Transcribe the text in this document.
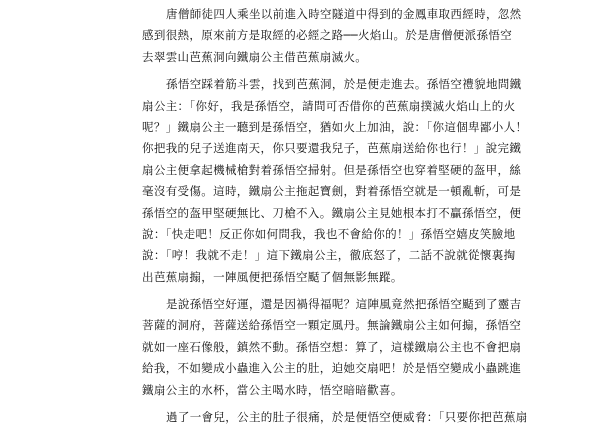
唐僧師徒四人乘坐以前進入時空隧道中得到的金鳳車取西經時，忽然
感到很熱，原來前方是取經的必經之路──火焰山。於是唐僧便派孫悟空
去翠雲山芭蕉洞向鐵扇公主借芭蕉扇滅火。
孫悟空踩着筋斗雲，找到芭蕉洞，於是便走進去。孫悟空禮貌地問鐵
扇公主：「你好，我是孫悟空，請問可否借你的芭蕉扇撲滅火焰山上的火
呢？」鐵扇公主一聽到是孫悟空，猶如火上加油，說：「你這個卑鄙小人！
你把我的兒子送進南天，你只要還我兒子，芭蕉扇送給你也行！」說完鐵
扇公主便拿起機械槍對着孫悟空掃射。但是孫悟空也穿着堅硬的盔甲，絲
毫沒有受傷。這時，鐵扇公主拖起寶劍，對着孫悟空就是一頓亂斬，可是
孫悟空的盔甲堅硬無比、刀槍不入。鐵扇公主見她根本打不贏孫悟空，便
說：「快走吧！反正你如何問我，我也不會給你的！」孫悟空嬉皮笑臉地
說：「哼！我就不走！」這下鐵扇公主，徹底怒了，二話不說就從懷裏掏
出芭蕉扇搧，一陣風便把孫悟空颳了個無影無蹤。
是說孫悟空好運，還是因禍得福呢？這陣風竟然把孫悟空颳到了靈吉
菩薩的洞府，菩薩送給孫悟空一顆定風丹。無論鐵扇公主如何搧，孫悟空
就如一座石像般，鎮然不動。孫悟空想：算了，這樣鐵扇公主也不會把扇
給我，不如變成小蟲進入公主的肚，迫她交扇吧！於是悟空變成小蟲跳進
鐵扇公主的水杯，當公主喝水時，悟空暗暗歡喜。
過了一會兒，公主的肚子很痛，於是便悟空便威脅：「只要你把芭蕉扇
